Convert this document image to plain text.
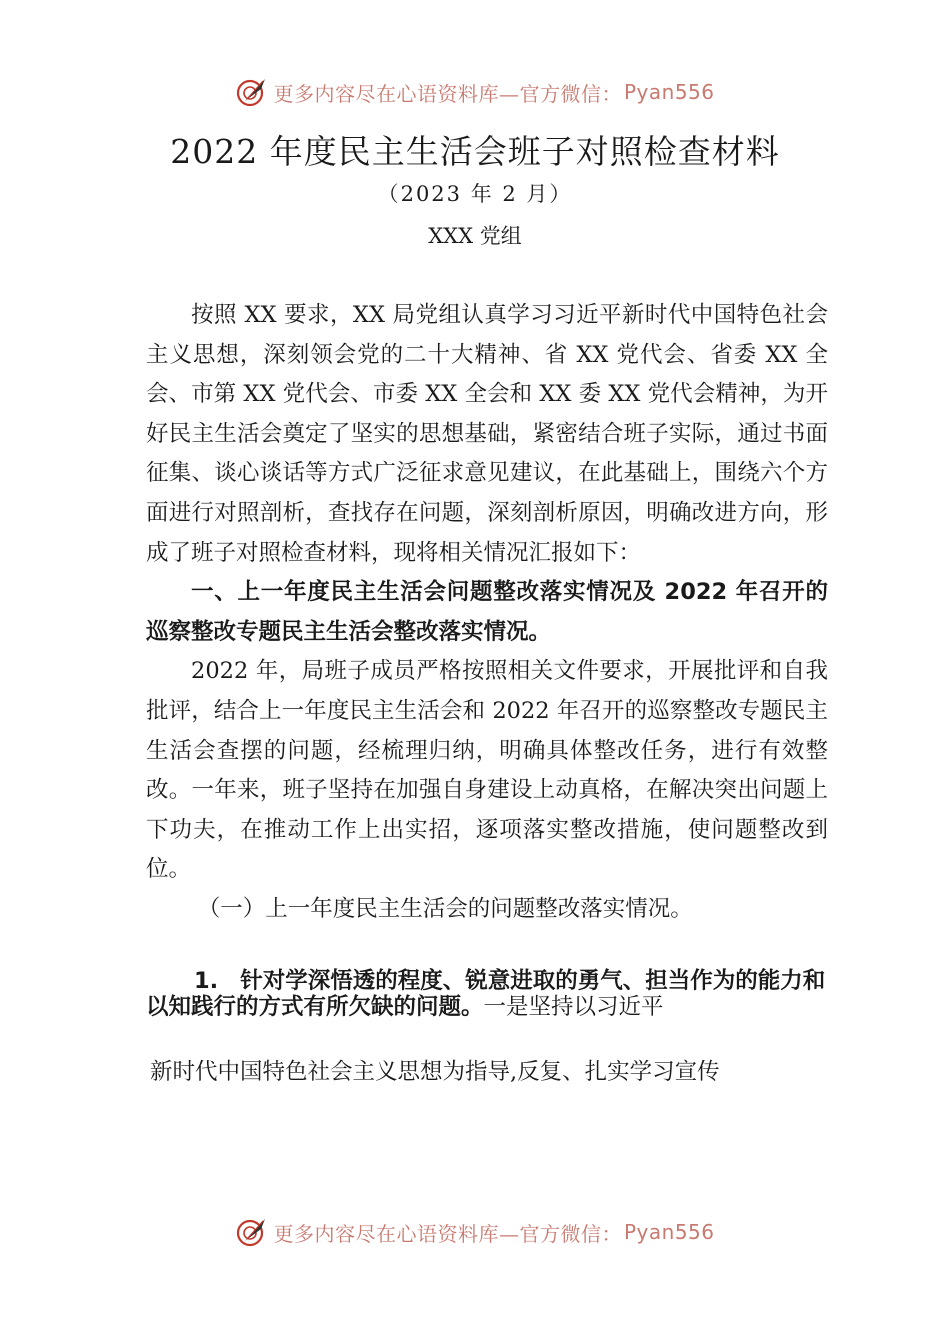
更多内容尽在心语资料库—官方微信： Pyan556
2022 年度民主生活会班子对照检查材料
（2023 年 2 月）
XXX 党组

按照 XX 要求，XX 局党组认真学习习近平新时代中国特色社会主义思想，深刻领会党的二十大精神、省 XX 党代会、省委 XX 全会、市第 XX 党代会、市委 XX 全会和 XX 委 XX 党代会精神，为开好民主生活会奠定了坚实的思想基础，紧密结合班子实际，通过书面征集、谈心谈话等方式广泛征求意见建议，在此基础上，围绕六个方面进行对照剖析，查找存在问题，深刻剖析原因，明确改进方向，形成了班子对照检查材料，现将相关情况汇报如下：

一、上一年度民主生活会问题整改落实情况及 2022 年召开的巡察整改专题民主生活会整改落实情况。

2022 年，局班子成员严格按照相关文件要求，开展批评和自我批评，结合上一年度民主生活会和 2022 年召开的巡察整改专题民主生活会查摆的问题，经梳理归纳，明确具体整改任务，进行有效整改。一年来，班子坚持在加强自身建设上动真格，在解决突出问题上下功夫，在推动工作上出实招，逐项落实整改措施，使问题整改到位。

（一）上一年度民主生活会的问题整改落实情况。

1. 针对学深悟透的程度、锐意进取的勇气、担当作为的能力和以知践行的方式有所欠缺的问题。一是坚持以习近平
新时代中国特色社会主义思想为指导,反复、扎实学习宣传
更多内容尽在心语资料库—官方微信： Pyan556
